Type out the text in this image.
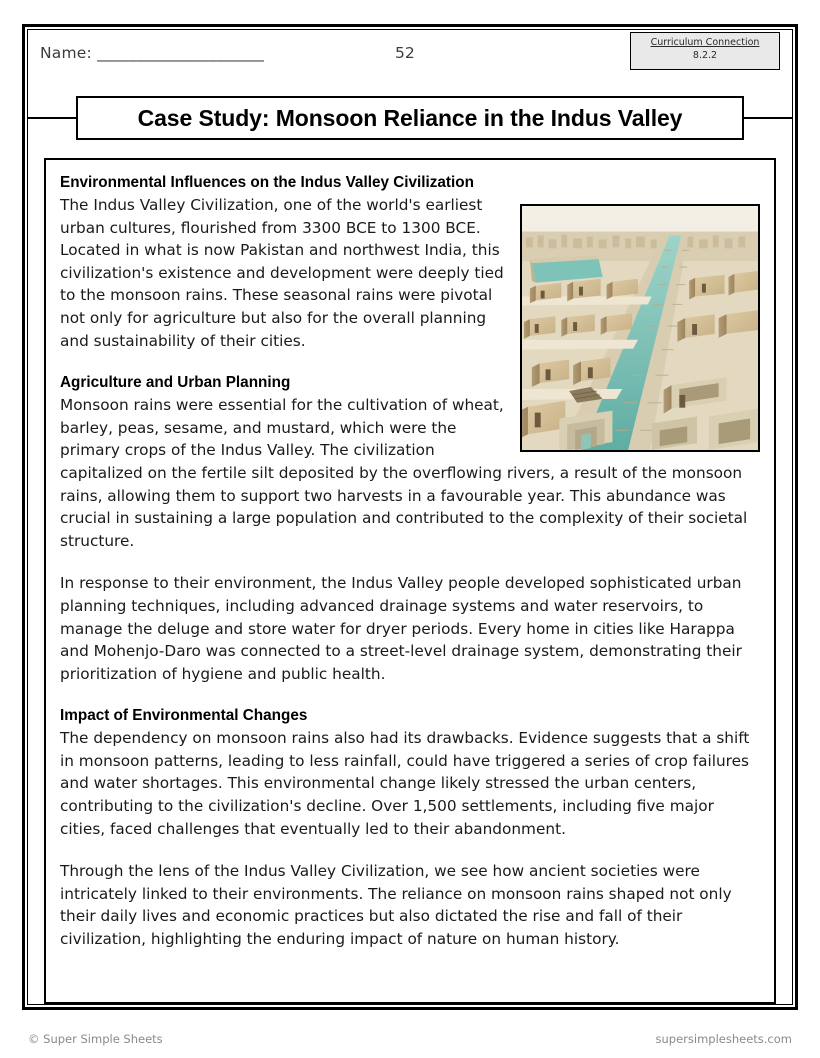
Name: _____________________	52
Curriculum Connection
8.2.2
Case Study: Monsoon Reliance in the Indus Valley
Environmental Influences on the Indus Valley Civilization

The Indus Valley Civilization, one of the world's earliest urban cultures, flourished from 3300 BCE to 1300 BCE. Located in what is now Pakistan and northwest India, this civilization's existence and development were deeply tied to the monsoon rains. These seasonal rains were pivotal not only for agriculture but also for the overall planning and sustainability of their cities.

Agriculture and Urban Planning

Monsoon rains were essential for the cultivation of wheat, barley, peas, sesame, and mustard, which were the primary crops of the Indus Valley. The civilization capitalized on the fertile silt deposited by the overflowing rivers, a result of the monsoon rains, allowing them to support two harvests in a favourable year. This abundance was crucial in sustaining a large population and contributed to the complexity of their societal structure.

In response to their environment, the Indus Valley people developed sophisticated urban planning techniques, including advanced drainage systems and water reservoirs, to manage the deluge and store water for dryer periods. Every home in cities like Harappa and Mohenjo-Daro was connected to a street-level drainage system, demonstrating their prioritization of hygiene and public health.

Impact of Environmental Changes

The dependency on monsoon rains also had its drawbacks. Evidence suggests that a shift in monsoon patterns, leading to less rainfall, could have triggered a series of crop failures and water shortages. This environmental change likely stressed the urban centers, contributing to the civilization's decline. Over 1,500 settlements, including five major cities, faced challenges that eventually led to their abandonment.

Through the lens of the Indus Valley Civilization, we see how ancient societies were intricately linked to their environments. The reliance on monsoon rains shaped not only their daily lives and economic practices but also dictated the rise and fall of their civilization, highlighting the enduring impact of nature on human history.

© Super Simple Sheets	supersimplesheets.com
